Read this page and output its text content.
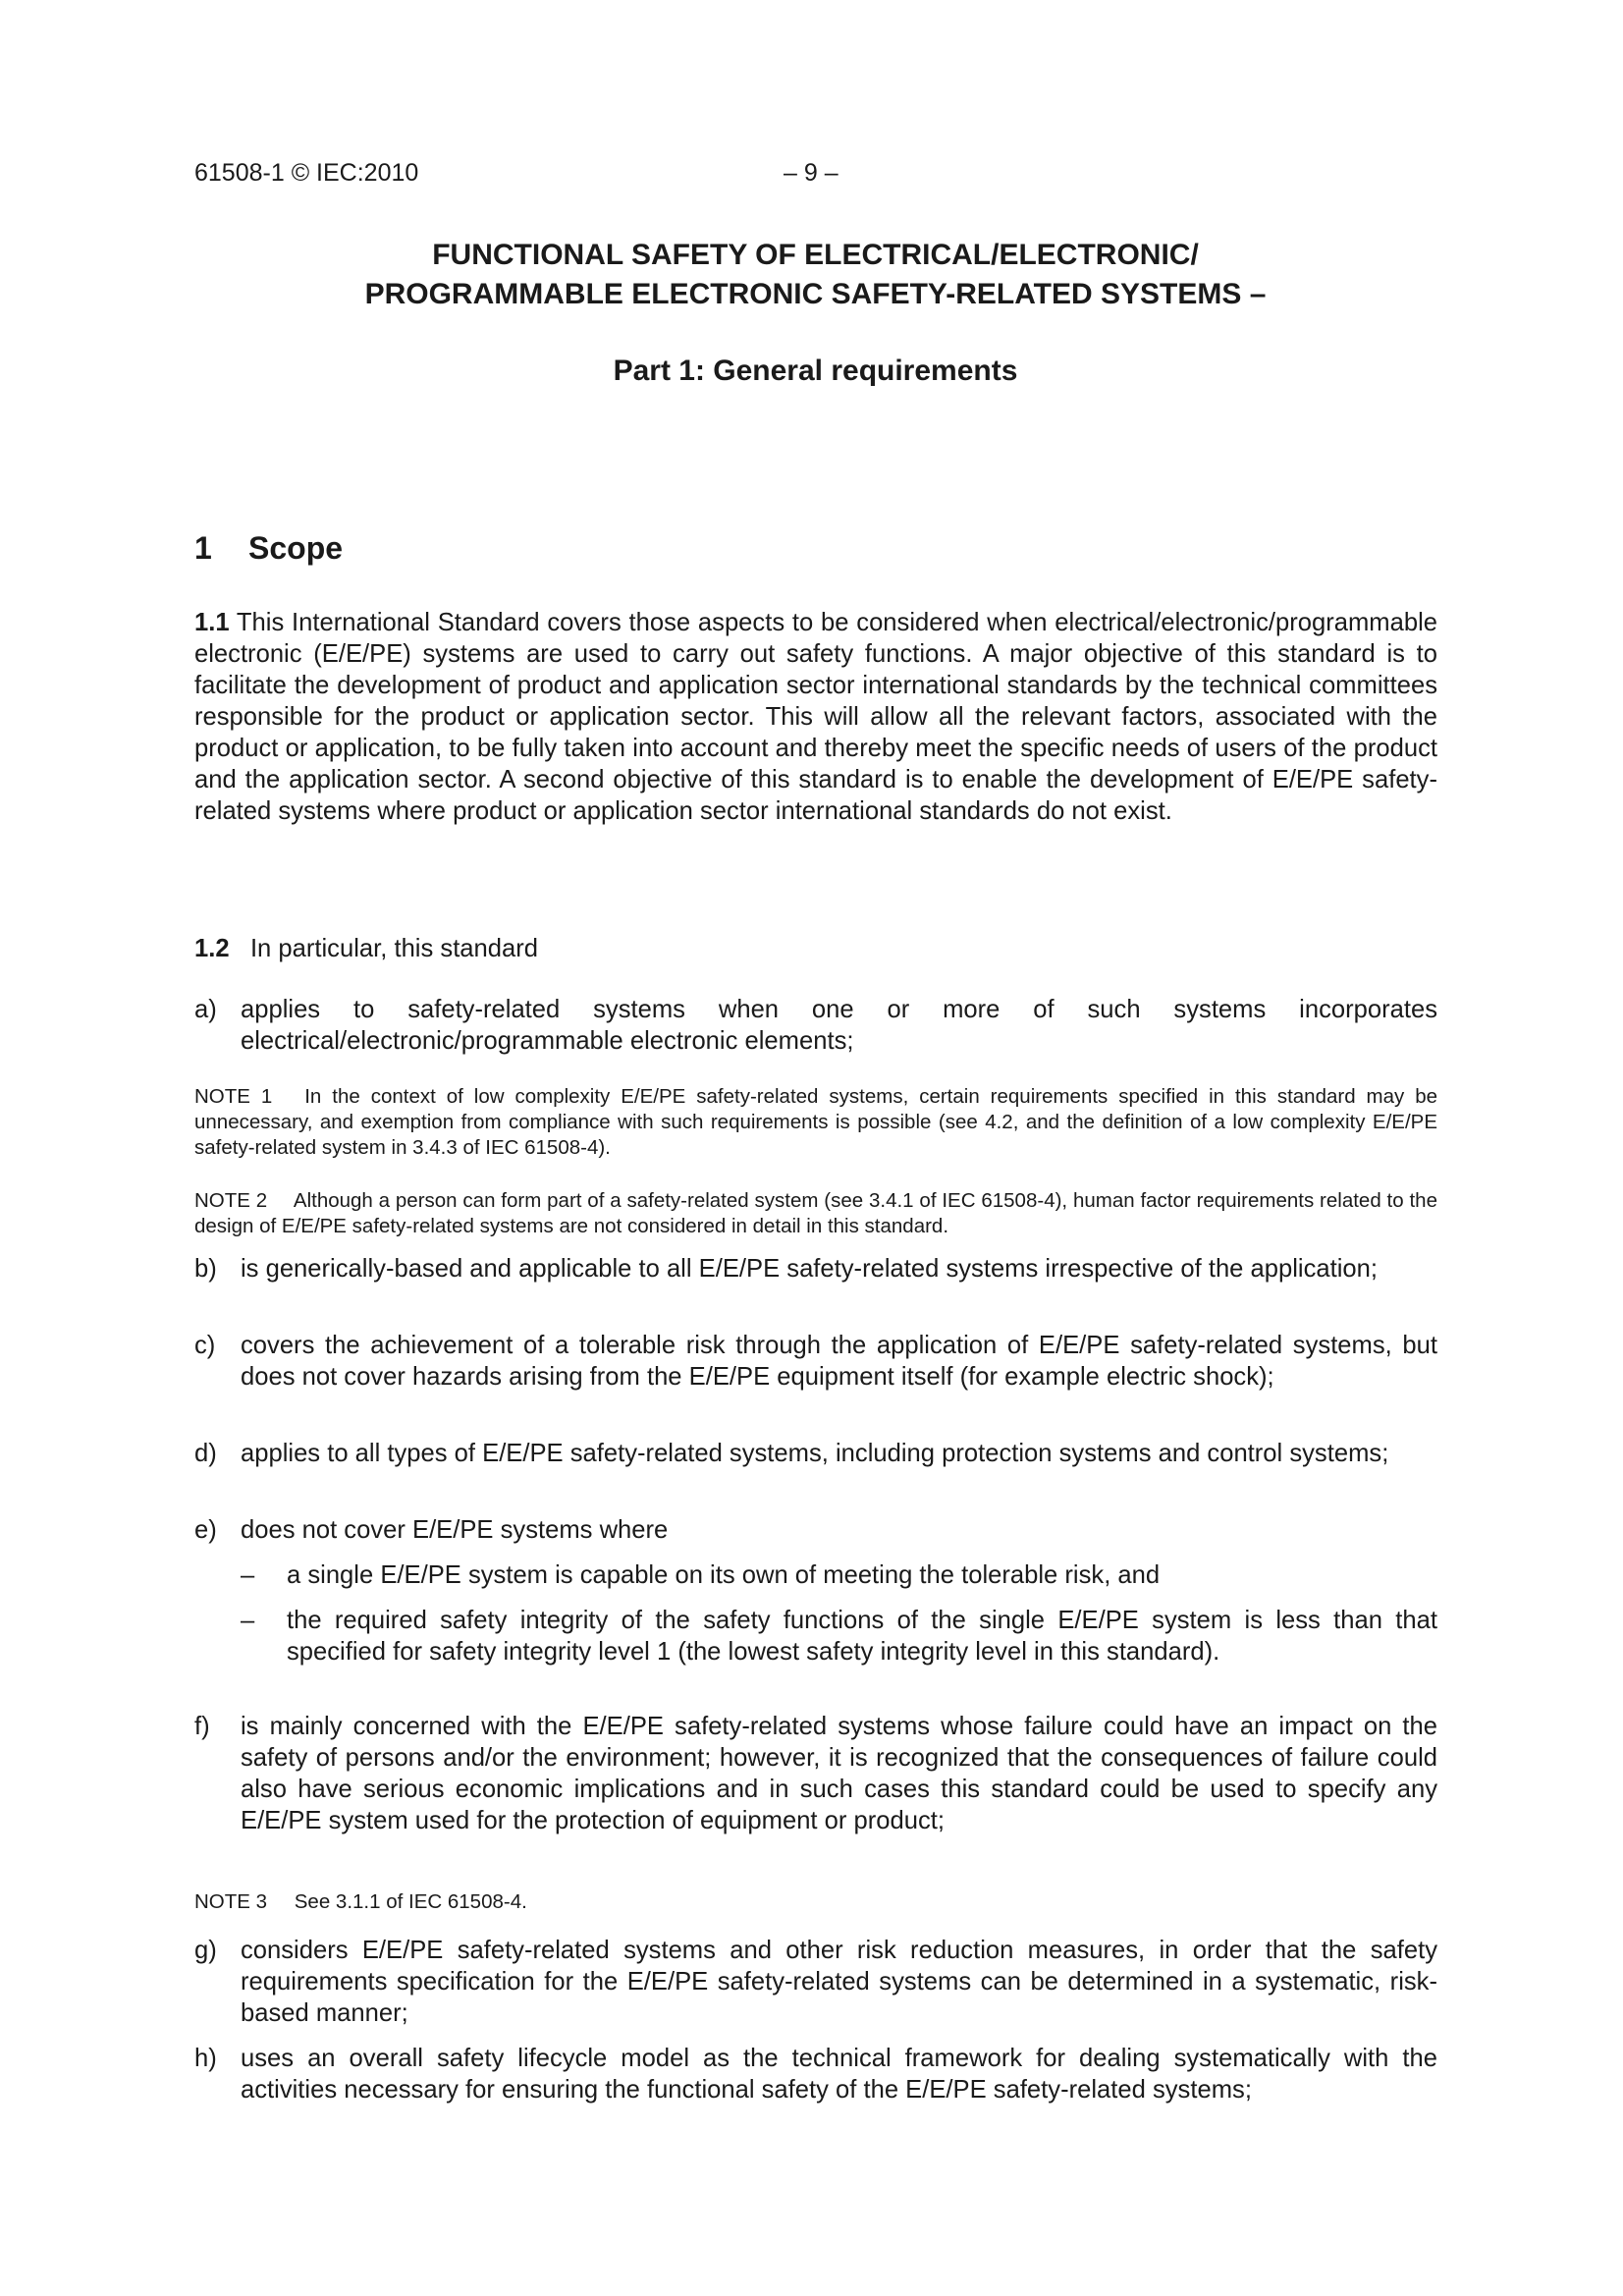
61508-1 © IEC:2010	– 9 –
FUNCTIONAL SAFETY OF ELECTRICAL/ELECTRONIC/
PROGRAMMABLE ELECTRONIC SAFETY-RELATED SYSTEMS –
Part 1: General requirements
1 Scope
1.1 This International Standard covers those aspects to be considered when electrical/electronic/programmable electronic (E/E/PE) systems are used to carry out safety functions. A major objective of this standard is to facilitate the development of product and application sector international standards by the technical committees responsible for the product or application sector. This will allow all the relevant factors, associated with the product or application, to be fully taken into account and thereby meet the specific needs of users of the product and the application sector. A second objective of this standard is to enable the development of E/E/PE safety-related systems where product or application sector international standards do not exist.
1.2 In particular, this standard
a) applies to safety-related systems when one or more of such systems incorporates electrical/electronic/programmable electronic elements;
NOTE 1 In the context of low complexity E/E/PE safety-related systems, certain requirements specified in this standard may be unnecessary, and exemption from compliance with such requirements is possible (see 4.2, and the definition of a low complexity E/E/PE safety-related system in 3.4.3 of IEC 61508-4).
NOTE 2 Although a person can form part of a safety-related system (see 3.4.1 of IEC 61508-4), human factor requirements related to the design of E/E/PE safety-related systems are not considered in detail in this standard.
b) is generically-based and applicable to all E/E/PE safety-related systems irrespective of the application;
c) covers the achievement of a tolerable risk through the application of E/E/PE safety-related systems, but does not cover hazards arising from the E/E/PE equipment itself (for example electric shock);
d) applies to all types of E/E/PE safety-related systems, including protection systems and control systems;
e) does not cover E/E/PE systems where
– a single E/E/PE system is capable on its own of meeting the tolerable risk, and
– the required safety integrity of the safety functions of the single E/E/PE system is less than that specified for safety integrity level 1 (the lowest safety integrity level in this standard).
f) is mainly concerned with the E/E/PE safety-related systems whose failure could have an impact on the safety of persons and/or the environment; however, it is recognized that the consequences of failure could also have serious economic implications and in such cases this standard could be used to specify any E/E/PE system used for the protection of equipment or product;
NOTE 3 See 3.1.1 of IEC 61508-4.
g) considers E/E/PE safety-related systems and other risk reduction measures, in order that the safety requirements specification for the E/E/PE safety-related systems can be determined in a systematic, risk-based manner;
h) uses an overall safety lifecycle model as the technical framework for dealing systematically with the activities necessary for ensuring the functional safety of the E/E/PE safety-related systems;
